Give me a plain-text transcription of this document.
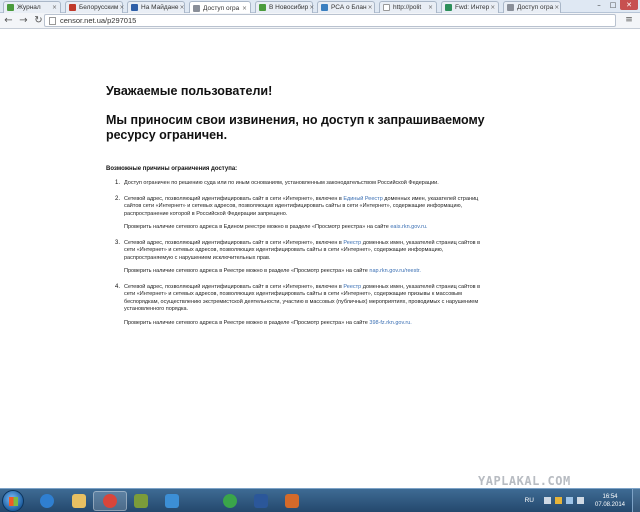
Журнал	×	Белорусским ×	На Майдане ×	Доступ огра ×	В Новосибир ×	РСА о Блан ×	http://polit	×	Fwd: Интер ×	Доступ огра ×	–	□	✕
← → ↻	censor.net.ua/p297015	≡
Уважаемые пользователи!
Мы приносим свои извинения, но доступ к запрашиваемому ресурсу ограничен.
Возможные причины ограничения доступа:
1. Доступ ограничен по решению суда или по иным основаниям, установленным законодательством Российской Федерации.
2. Сетевой адрес, позволяющий идентифицировать сайт в сети «Интернет», включен в Единый Реестр доменных имен, указателей страниц сайтов сети «Интернет» и сетевых адресов, позволяющих идентифицировать сайты в сети «Интернет», содержащие информацию, распространение которой в Российской Федерации запрещено.
Проверить наличие сетевого адреса в Едином реестре можно в разделе «Просмотр реестра» на сайте eais.rkn.gov.ru.
3. Сетевой адрес, позволяющий идентифицировать сайт в сети «Интернет», включен в Реестр доменных имен, указателей страниц сайтов в сети «Интернет» и сетевых адресов, позволяющих идентифицировать сайты в сети «Интернет», содержащие информацию, распространяемую с нарушением исключительных прав.
Проверить наличие сетевого адреса в Реестре можно в разделе «Просмотр реестра» на сайте nap.rkn.gov.ru/reestr.
4. Сетевой адрес, позволяющий идентифицировать сайт в сети «Интернет», включен в Реестр доменных имен, указателей страниц сайтов в сети «Интернет» и сетевых адресов, позволяющих идентифицировать сайты в сети «Интернет», содержащие призывы к массовым беспорядкам, осуществлению экстремистской деятельности, участию в массовых (публичных) мероприятиях, проводимых с нарушением установленного порядка.
Проверить наличие сетевого адреса в Реестре можно в разделе «Просмотр реестра» на сайте 398-fz.rkn.gov.ru.
YAPLAKAL.COM
RU
16:54
07.08.2014
